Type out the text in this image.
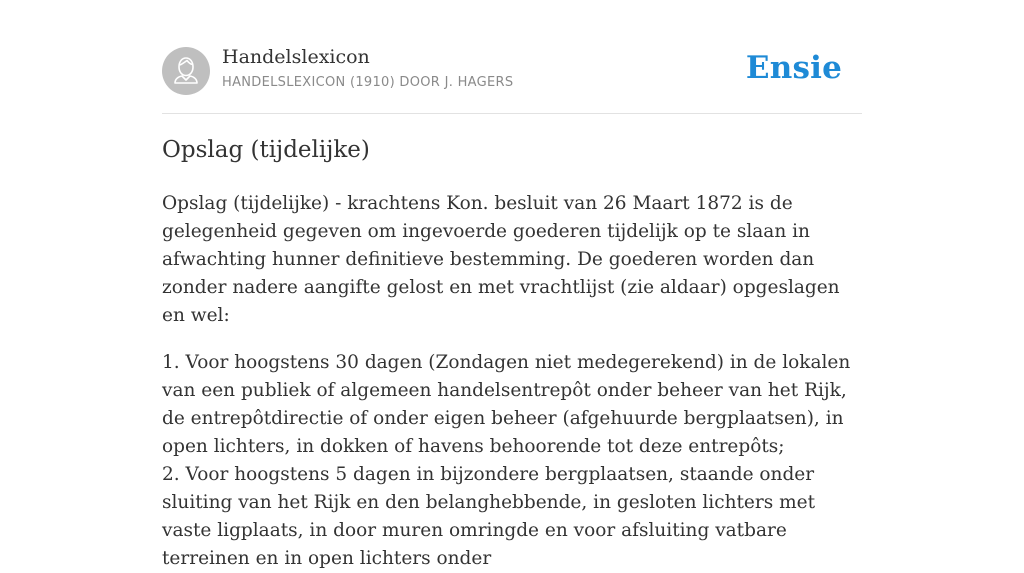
Handelslexicon
HANDELSLEXICON (1910) DOOR J. HAGERS	Ensie
Opslag (tijdelijke)

Opslag (tijdelijke) - krachtens Kon. besluit van 26 Maart 1872 is de gelegenheid gegeven om ingevoerde goederen tijdelijk op te slaan in afwachting hunner definitieve bestemming. De goederen worden dan zonder nadere aangifte gelost en met vrachtlijst (zie aldaar) opgeslagen en wel:

1. Voor hoogstens 30 dagen (Zondagen niet medegerekend) in de lokalen van een publiek of algemeen handelsentrepôt onder beheer van het Rijk, de entrepôtdirectie of onder eigen beheer (afgehuurde bergplaatsen), in open lichters, in dokken of havens behoorende tot deze entrepôts;

2. Voor hoogstens 5 dagen in bijzondere bergplaatsen, staande onder sluiting van het Rijk en den belanghebbende, in gesloten lichters met vaste ligplaats, in door muren omringde en voor afsluiting vatbare terreinen en in open lichters onder
